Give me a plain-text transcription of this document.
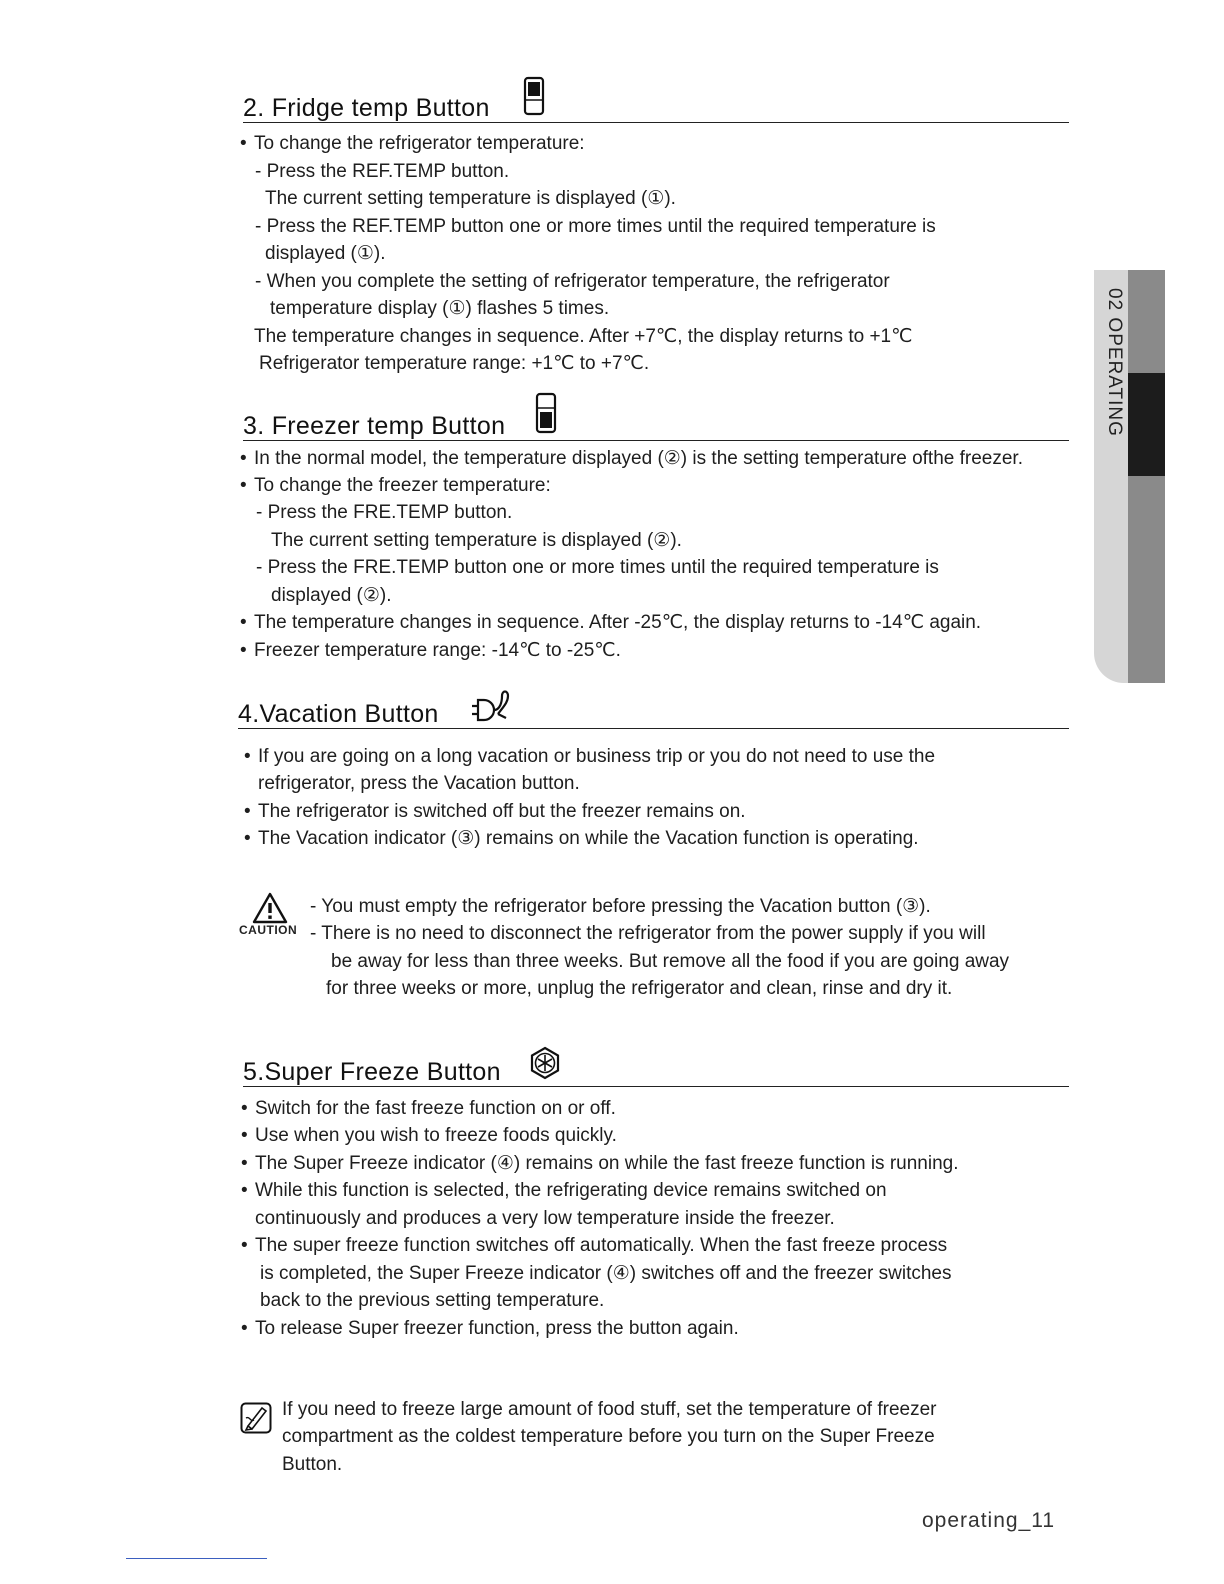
02 OPERATING
2. Fridge temp Button
• To change the refrigerator temperature:
- Press the REF.TEMP button.
The current setting temperature is displayed (①).
- Press the REF.TEMP button one or more times until the required temperature is
displayed (①).
- When you complete the setting of refrigerator temperature, the refrigerator
temperature display (①) flashes 5 times.
The temperature changes in sequence. After +7℃, the display returns to +1℃
Refrigerator temperature range: +1℃ to +7℃.
3. Freezer temp Button
• In the normal model, the temperature displayed (②) is the setting temperature ofthe freezer.
• To change the freezer temperature:
- Press the FRE.TEMP button.
The current setting temperature is displayed (②).
- Press the FRE.TEMP button one or more times until the required temperature is
displayed (②).
• The temperature changes in sequence. After -25℃, the display returns to -14℃ again.
• Freezer temperature range: -14℃ to -25℃.
4.Vacation Button
• If you are going on a long vacation or business trip or you do not need to use the
refrigerator, press the Vacation button.
• The refrigerator is switched off but the freezer remains on.
• The Vacation indicator (③) remains on while the Vacation function is operating.
CAUTION
- You must empty the refrigerator before pressing the Vacation button (③).
- There is no need to disconnect the refrigerator from the power supply if you will
be away for less than three weeks. But remove all the food if you are going away
for three weeks or more, unplug the refrigerator and clean, rinse and dry it.
5.Super Freeze Button
• Switch for the fast freeze function on or off.
• Use when you wish to freeze foods quickly.
• The Super Freeze indicator (④) remains on while the fast freeze function is running.
• While this function is selected, the refrigerating device remains switched on
continuously and produces a very low temperature inside the freezer.
• The super freeze function switches off automatically. When the fast freeze process
is completed, the Super Freeze indicator (④) switches off and the freezer switches
back to the previous setting temperature.
• To release Super freezer function, press the button again.
If you need to freeze large amount of food stuff, set the temperature of freezer
compartment as the coldest temperature before you turn on the Super Freeze
Button.
operating_11
